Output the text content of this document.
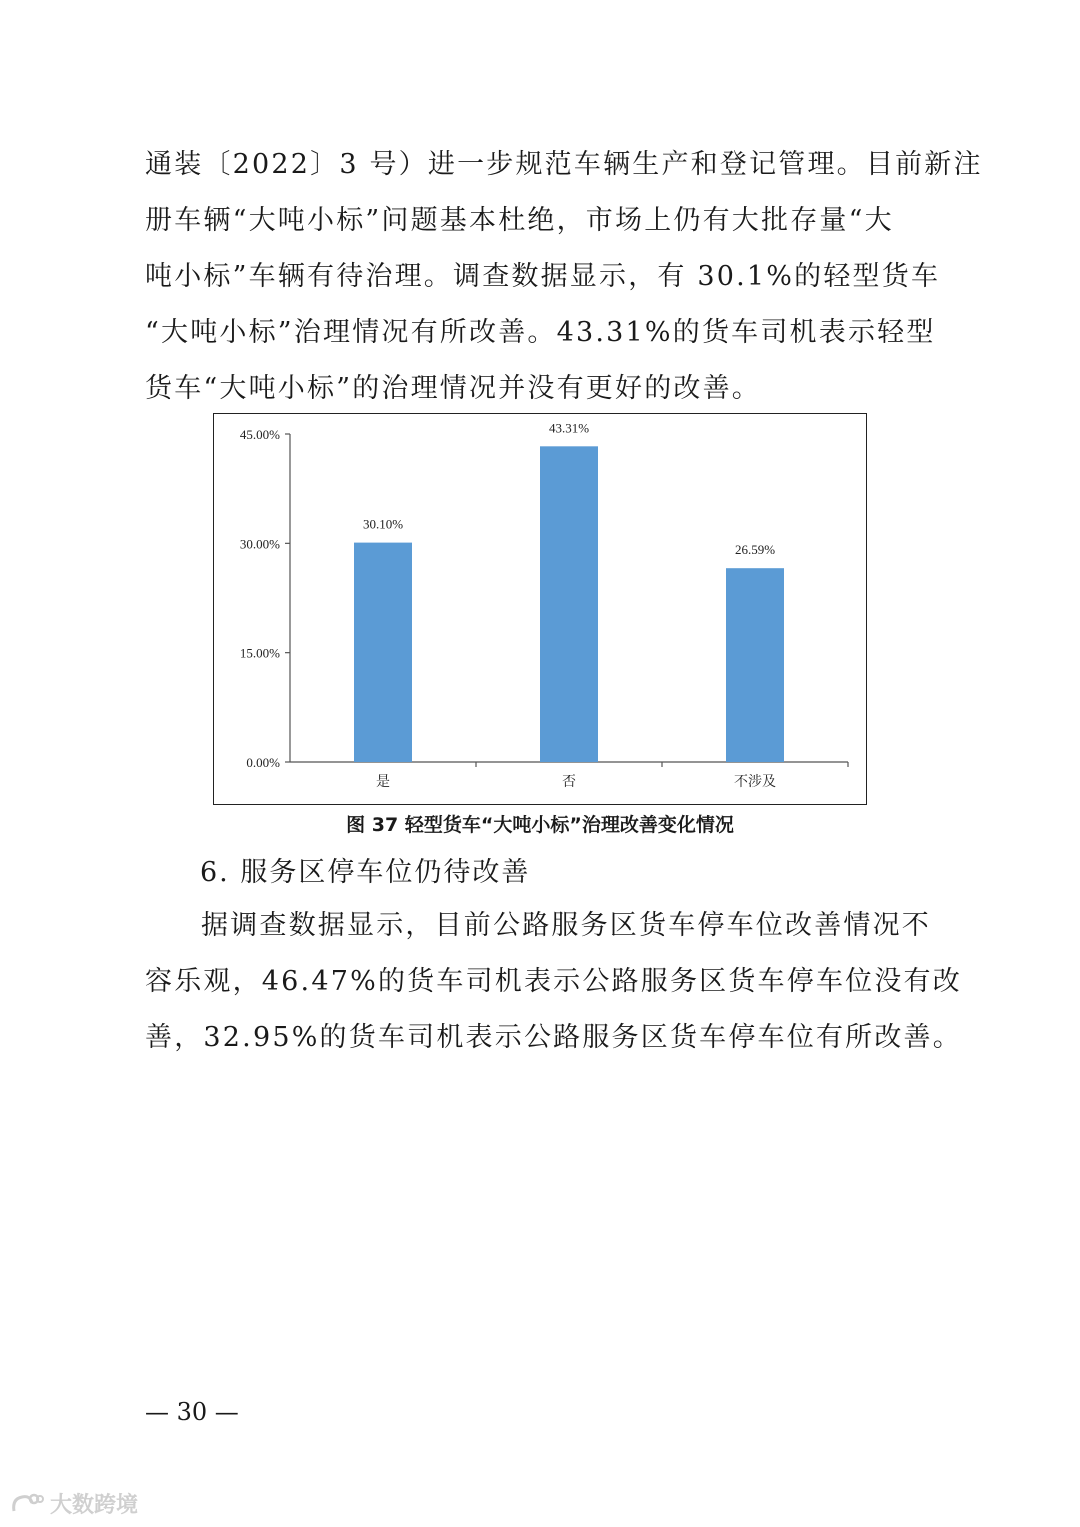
通装〔2022〕3 号）进一步规范车辆生产和登记管理。目前新注
册车辆“大吨小标”问题基本杜绝，市场上仍有大批存量“大
吨小标”车辆有待治理。调查数据显示，有 30.1%的轻型货车
“大吨小标”治理情况有所改善。43.31%的货车司机表示轻型
货车“大吨小标”的治理情况并没有更好的改善。
0.00%
15.00%
30.00%
45.00%
30.10%
是
43.31%
否
26.59%
不涉及
图 37 轻型货车“大吨小标”治理改善变化情况
6. 服务区停车位仍待改善
据调查数据显示，目前公路服务区货车停车位改善情况不
容乐观，46.47%的货车司机表示公路服务区货车停车位没有改
善，32.95%的货车司机表示公路服务区货车停车位有所改善。
— 30 —
大数跨境
